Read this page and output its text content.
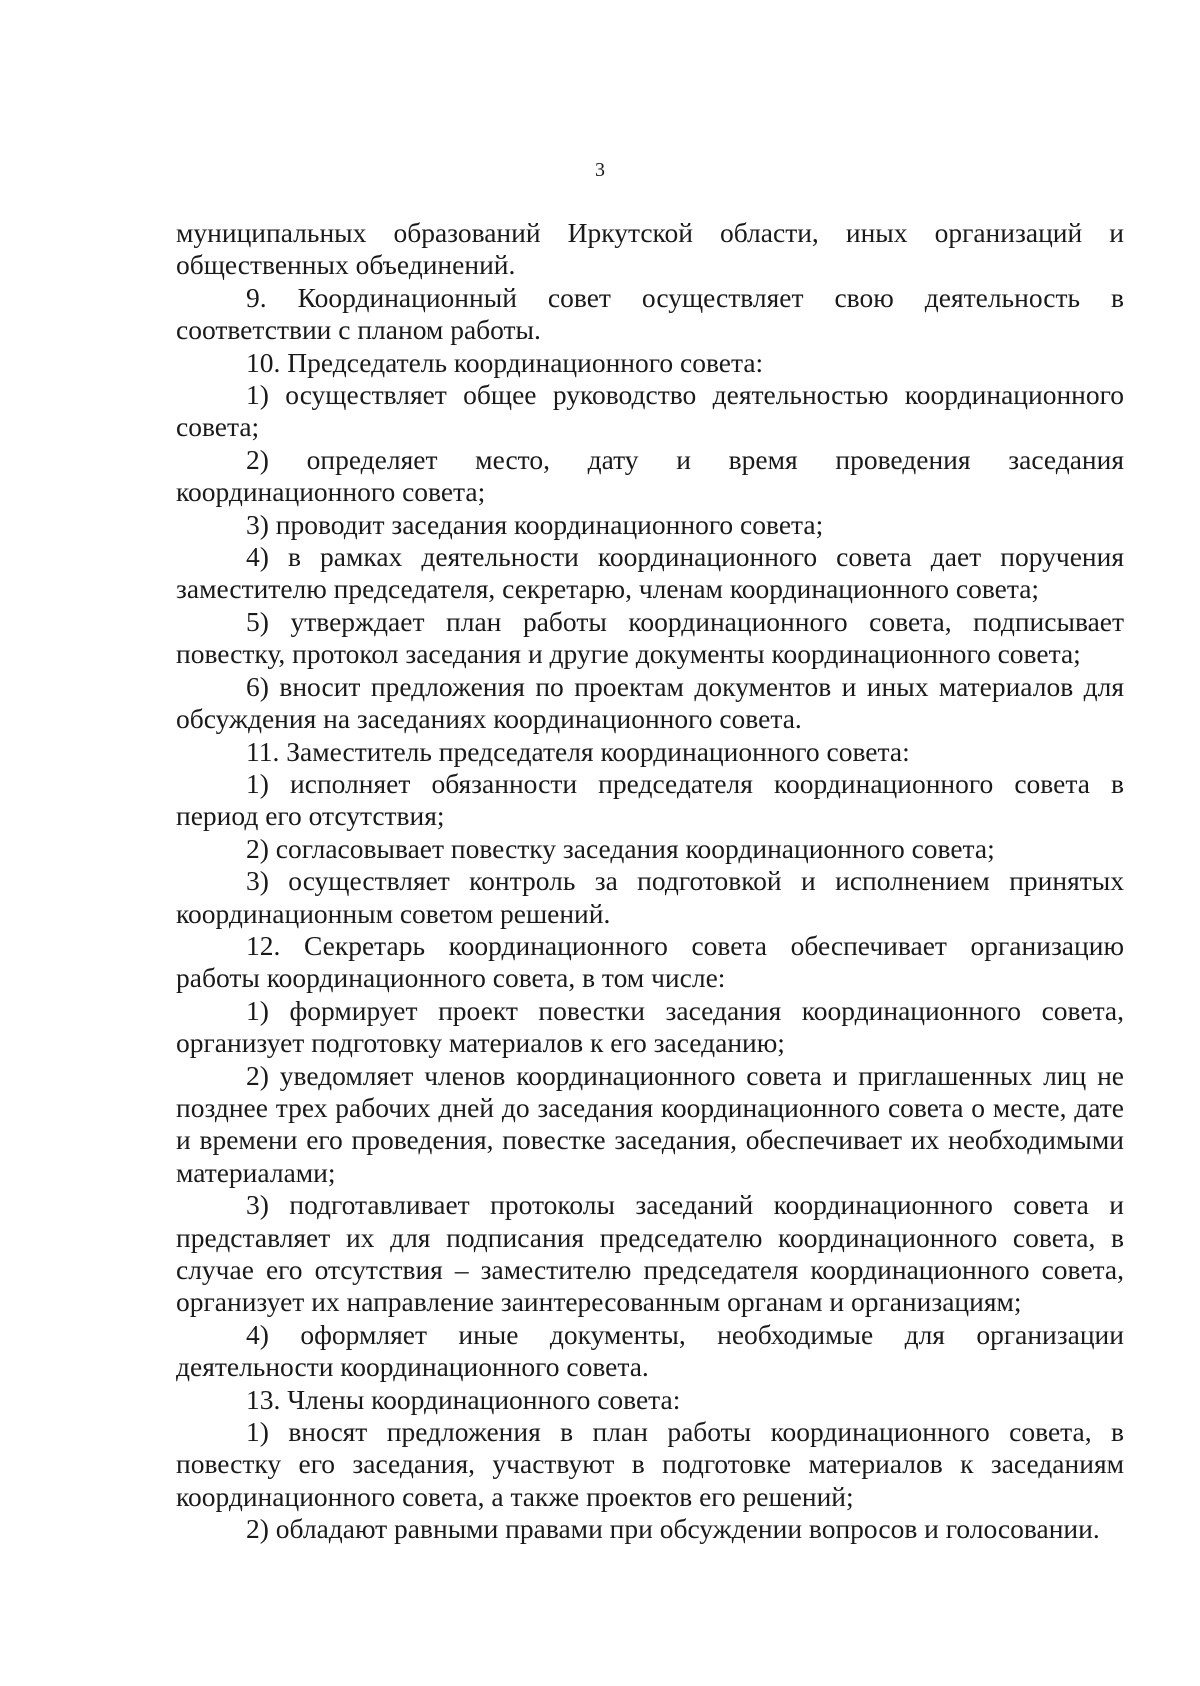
3

муниципальных образований Иркутской области, иных организаций и общественных объединений.

9. Координационный совет осуществляет свою деятельность в соответствии с планом работы.

10. Председатель координационного совета:

1) осуществляет общее руководство деятельностью координационного совета;

2) определяет место, дату и время проведения заседания координационного совета;

3) проводит заседания координационного совета;

4) в рамках деятельности координационного совета дает поручения заместителю председателя, секретарю, членам координационного совета;

5) утверждает план работы координационного совета, подписывает повестку, протокол заседания и другие документы координационного совета;

6) вносит предложения по проектам документов и иных материалов для обсуждения на заседаниях координационного совета.

11. Заместитель председателя координационного совета:

1) исполняет обязанности председателя координационного совета в период его отсутствия;

2) согласовывает повестку заседания координационного совета;

3) осуществляет контроль за подготовкой и исполнением принятых координационным советом решений.

12. Секретарь координационного совета обеспечивает организацию работы координационного совета, в том числе:

1) формирует проект повестки заседания координационного совета, организует подготовку материалов к его заседанию;

2) уведомляет членов координационного совета и приглашенных лиц не позднее трех рабочих дней до заседания координационного совета о месте, дате и времени его проведения, повестке заседания, обеспечивает их необходимыми материалами;

3) подготавливает протоколы заседаний координационного совета и представляет их для подписания председателю координационного совета, в случае его отсутствия – заместителю председателя координационного совета, организует их направление заинтересованным органам и организациям;

4) оформляет иные документы, необходимые для организации деятельности координационного совета.

13. Члены координационного совета:

1) вносят предложения в план работы координационного совета, в повестку его заседания, участвуют в подготовке материалов к заседаниям координационного совета, а также проектов его решений;

2) обладают равными правами при обсуждении вопросов и голосовании.
